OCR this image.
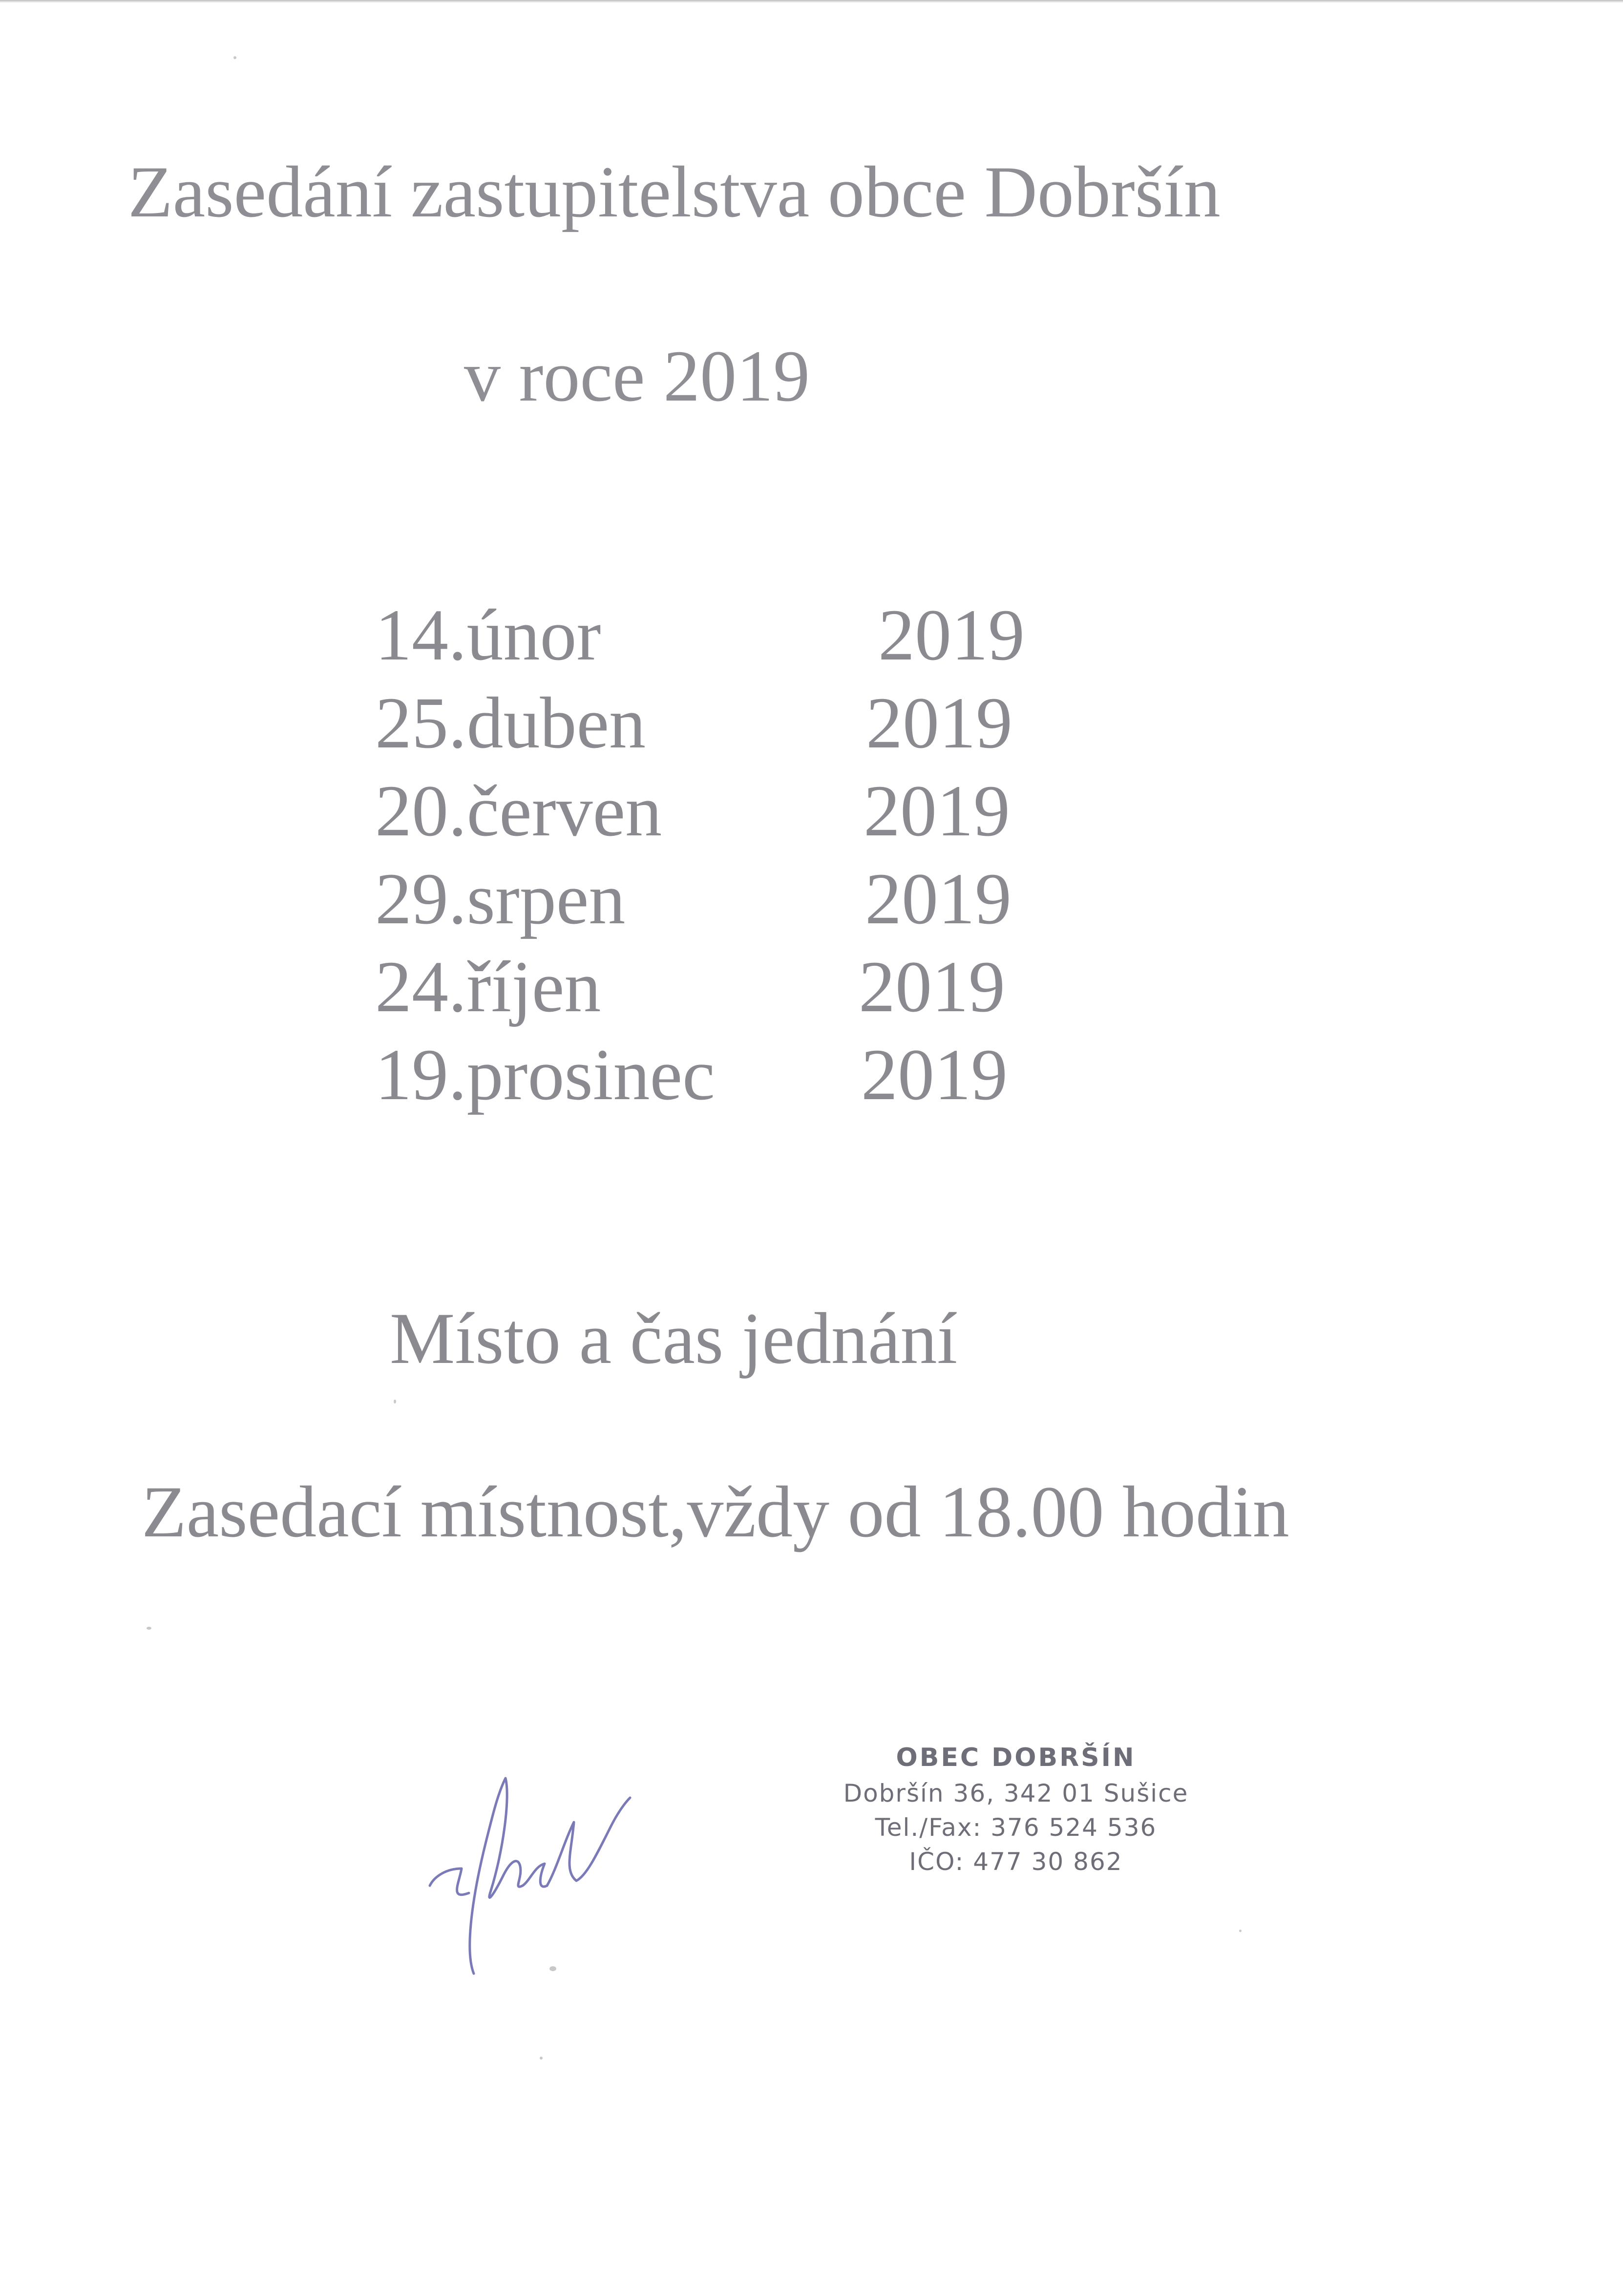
Zasedání zastupitelstva obce Dobršín
v roce 2019
14.únor	2019
25.duben	2019
20.červen	2019
29.srpen	2019
24.říjen	2019
19.prosinec 2019
Místo a čas jednání
Zasedací místnost,vždy od 18.00 hodin
OBEC DOBRŠÍN
Dobršín 36, 342 01 Sušice
Tel./Fax: 376 524 536
IČO: 477 30 862
